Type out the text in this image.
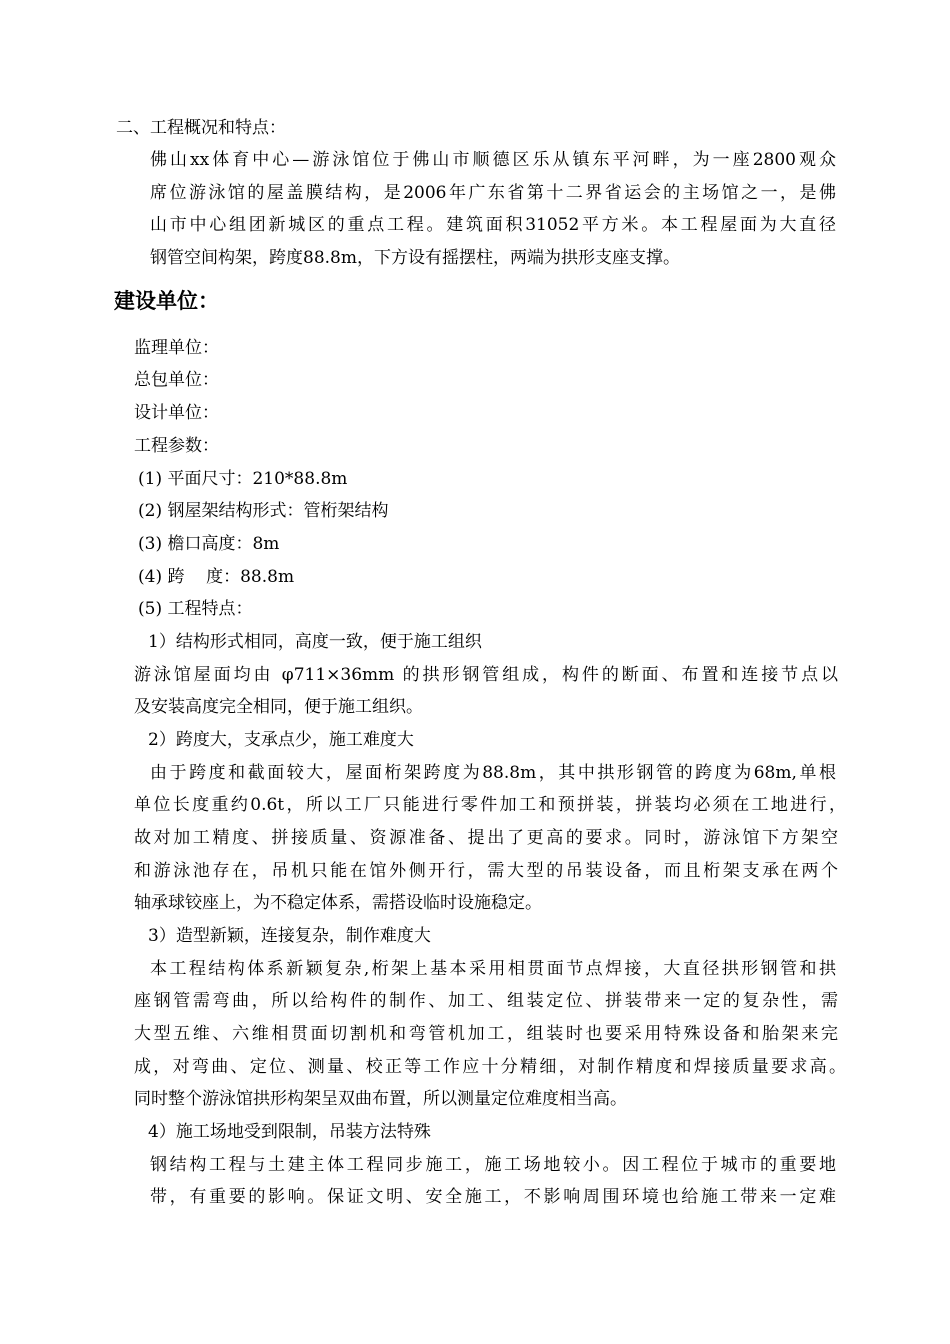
二、工程概况和特点：
佛山xx体育中心—游泳馆位于佛山市顺德区乐从镇东平河畔，为一座2800观众
席位游泳馆的屋盖膜结构，是2006年广东省第十二界省运会的主场馆之一，是佛
山市中心组团新城区的重点工程。建筑面积31052平方米。本工程屋面为大直径
钢管空间构架，跨度88.8m，下方设有摇摆柱，两端为拱形支座支撑。
建设单位：
监理单位：
总包单位：
设计单位：
工程参数：
(1) 平面尺寸：210*88.8m
(2) 钢屋架结构形式：管桁架结构
(3) 檐口高度：8m
(4) 跨    度：88.8m
(5) 工程特点：
1）结构形式相同，高度一致，便于施工组织
游泳馆屋面均由 φ711×36mm 的拱形钢管组成，构件的断面、布置和连接节点以
及安装高度完全相同，便于施工组织。
2）跨度大，支承点少，施工难度大
由于跨度和截面较大，屋面桁架跨度为88.8m，其中拱形钢管的跨度为68m,单根
单位长度重约0.6t，所以工厂只能进行零件加工和预拼装，拼装均必须在工地进行，
故对加工精度、拼接质量、资源准备、提出了更高的要求。同时，游泳馆下方架空
和游泳池存在，吊机只能在馆外侧开行，需大型的吊装设备，而且桁架支承在两个
轴承球铰座上，为不稳定体系，需搭设临时设施稳定。
3）造型新颖，连接复杂，制作难度大
本工程结构体系新颖复杂,桁架上基本采用相贯面节点焊接，大直径拱形钢管和拱
座钢管需弯曲，所以给构件的制作、加工、组装定位、拼装带来一定的复杂性，需
大型五维、六维相贯面切割机和弯管机加工，组装时也要采用特殊设备和胎架来完
成，对弯曲、定位、测量、校正等工作应十分精细，对制作精度和焊接质量要求高。
同时整个游泳馆拱形构架呈双曲布置，所以测量定位难度相当高。
4）施工场地受到限制，吊装方法特殊
钢结构工程与土建主体工程同步施工，施工场地较小。因工程位于城市的重要地
带，有重要的影响。保证文明、安全施工，不影响周围环境也给施工带来一定难
